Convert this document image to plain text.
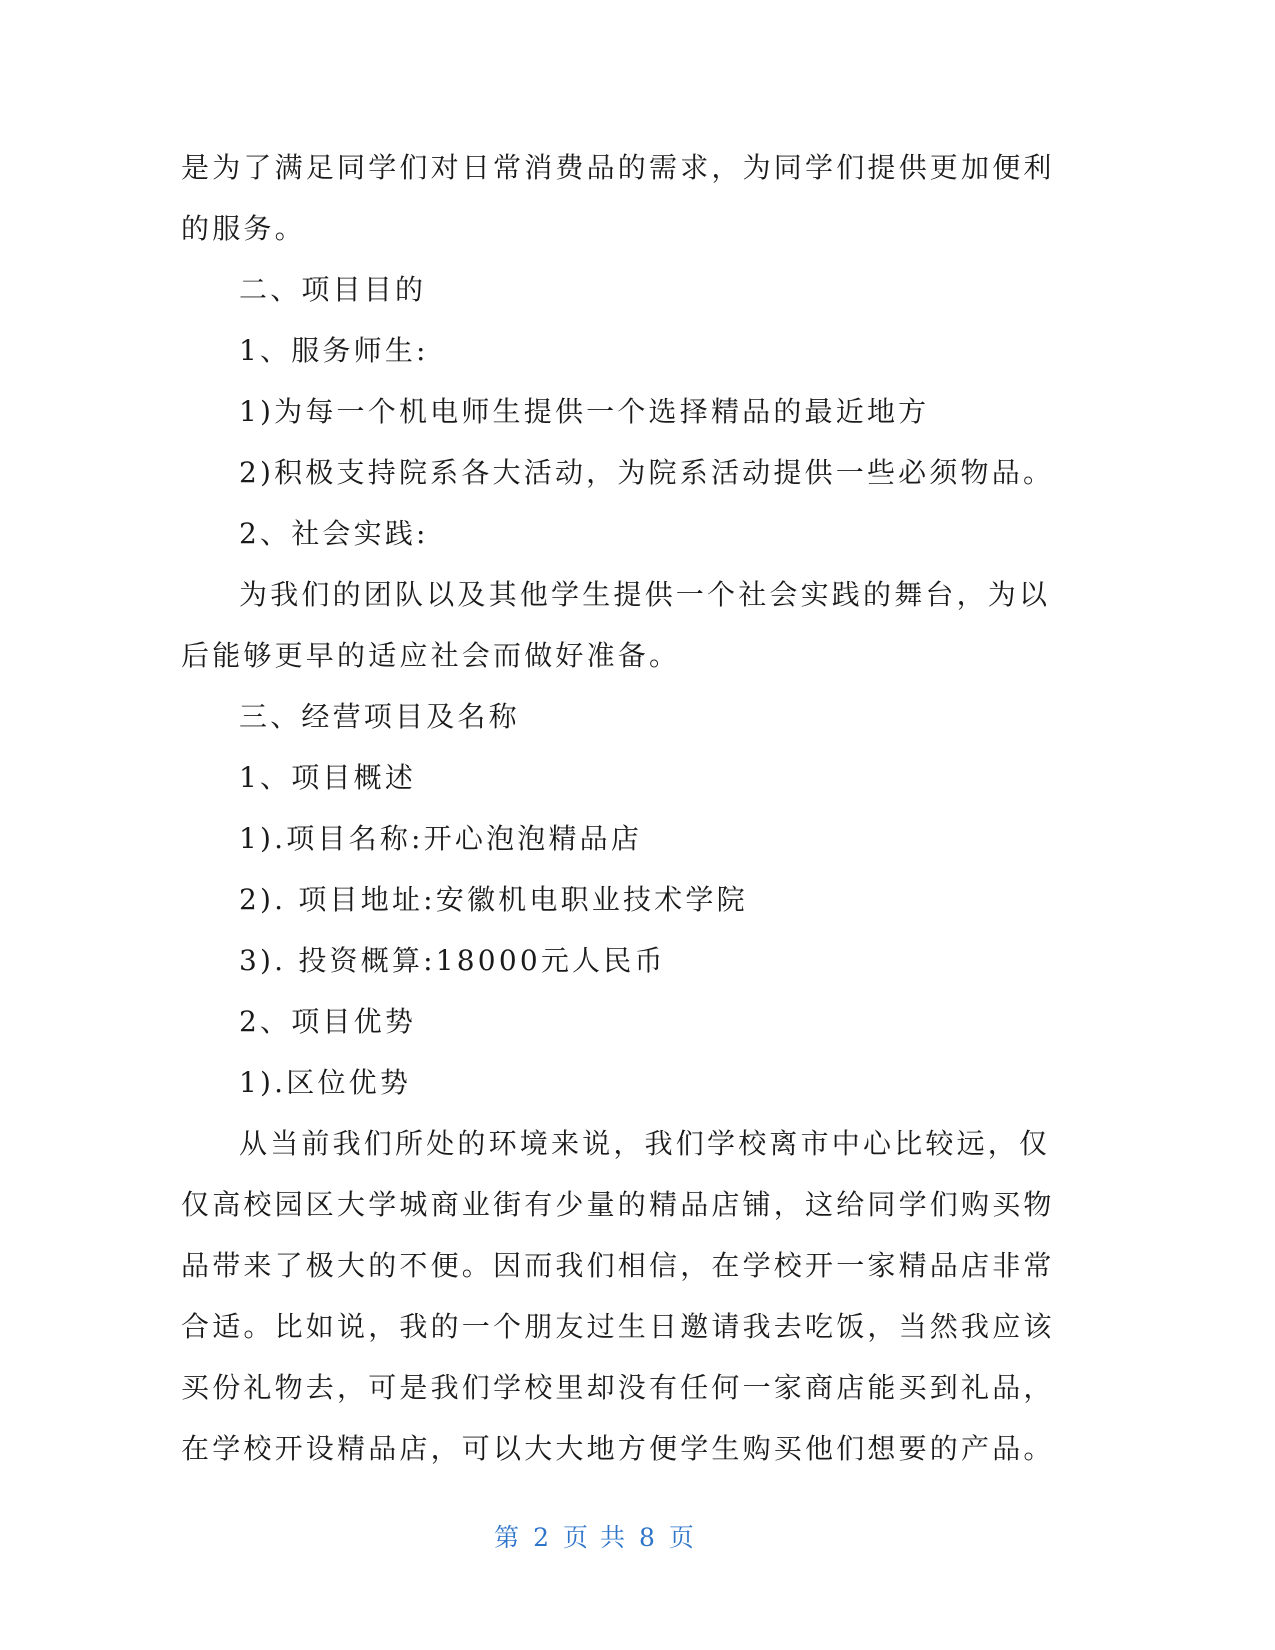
是为了满足同学们对日常消费品的需求，为同学们提供更加便利
的服务。
二、项目目的
1、服务师生:
1)为每一个机电师生提供一个选择精品的最近地方
2)积极支持院系各大活动，为院系活动提供一些必须物品。
2、社会实践:
为我们的团队以及其他学生提供一个社会实践的舞台，为以
后能够更早的适应社会而做好准备。
三、经营项目及名称
1、项目概述
1).项目名称:开心泡泡精品店
2). 项目地址:安徽机电职业技术学院
3). 投资概算:18000元人民币
2、项目优势
1).区位优势
从当前我们所处的环境来说，我们学校离市中心比较远，仅
仅高校园区大学城商业街有少量的精品店铺，这给同学们购买物
品带来了极大的不便。因而我们相信，在学校开一家精品店非常
合适。比如说，我的一个朋友过生日邀请我去吃饭，当然我应该
买份礼物去，可是我们学校里却没有任何一家商店能买到礼品，
在学校开设精品店，可以大大地方便学生购买他们想要的产品。
第 2 页 共 8 页
